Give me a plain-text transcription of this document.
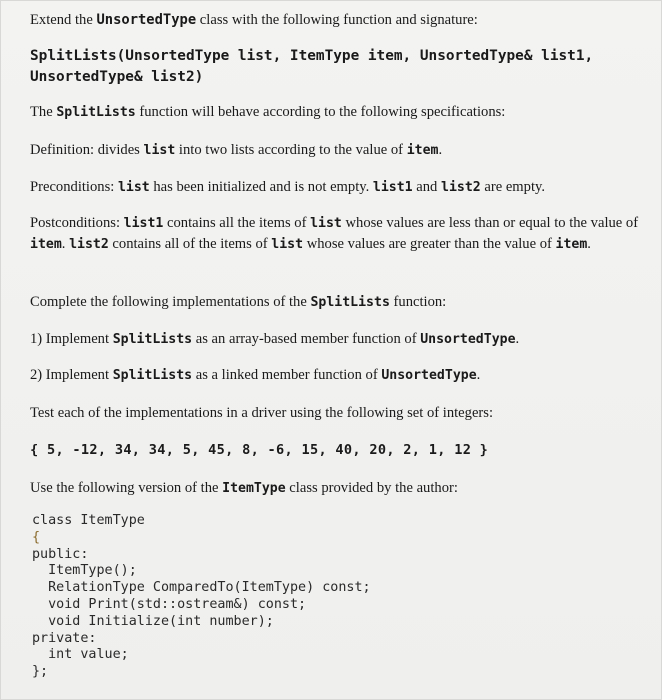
Extend the UnsortedType class with the following function and signature:
SplitLists(UnsortedType list, ItemType item, UnsortedType& list1,
UnsortedType& list2)
The SplitLists function will behave according to the following specifications:
Definition: divides list into two lists according to the value of item.
Preconditions: list has been initialized and is not empty. list1 and list2 are empty.
Postconditions: list1 contains all the items of list whose values are less than or equal to the value of item. list2 contains all of the items of list whose values are greater than the value of item.
Complete the following implementations of the SplitLists function:
1) Implement SplitLists as an array-based member function of UnsortedType.
2) Implement SplitLists as a linked member function of UnsortedType.
Test each of the implementations in a driver using the following set of integers:
{ 5, -12, 34, 34, 5, 45, 8, -6, 15, 40, 20, 2, 1, 12 }
Use the following version of the ItemType class provided by the author:
class ItemType
{
public:
ItemType();
RelationType ComparedTo(ItemType) const;
void Print(std::ostream&) const;
void Initialize(int number);
private:
int value;
};
